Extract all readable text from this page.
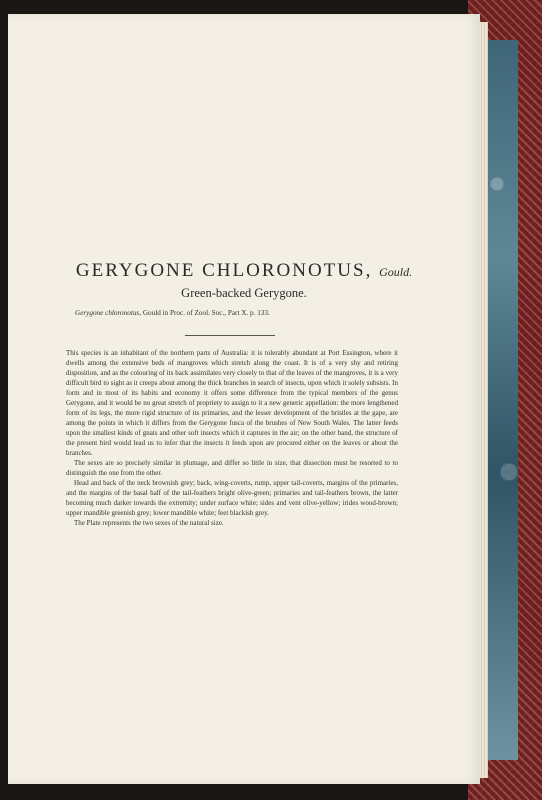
GERYGONE CHLORONOTUS, Gould.
Green-backed Gerygone.
Gerygone chloronotus, Gould in Proc. of Zool. Soc., Part X. p. 133.

This species is an inhabitant of the northern parts of Australia: it is tolerably abundant at Port Essington, where it dwells among the extensive beds of mangroves which stretch along the coast. It is of a very shy and retiring disposition, and as the colouring of its back assimilates very closely to that of the leaves of the mangroves, it is a very difficult bird to sight as it creeps about among the thick branches in search of insects, upon which it solely subsists. In form and in most of its habits and economy it offers some difference from the typical members of the genus Gerygone, and it would be no great stretch of propriety to assign to it a new generic appellation: the more lengthened form of its legs, the more rigid structure of its primaries, and the lesser development of the bristles at the gape, are among the points in which it differs from the Gerygone fusca of the brushes of New South Wales. The latter feeds upon the smallest kinds of gnats and other soft insects which it captures in the air; on the other hand, the structure of the present bird would lead us to infer that the insects it feeds upon are procured either on the leaves or about the branches.

The sexes are so precisely similar in plumage, and differ so little in size, that dissection must be resorted to to distinguish the one from the other.

Head and back of the neck brownish grey; back, wing-coverts, rump, upper tail-coverts, margins of the primaries, and the margins of the basal half of the tail-feathers bright olive-green; primaries and tail-feathers brown, the latter becoming much darker towards the extremity; under surface white; sides and vent olive-yellow; irides wood-brown; upper mandible greenish grey; lower mandible white; feet blackish grey.

The Plate represents the two sexes of the natural size.
